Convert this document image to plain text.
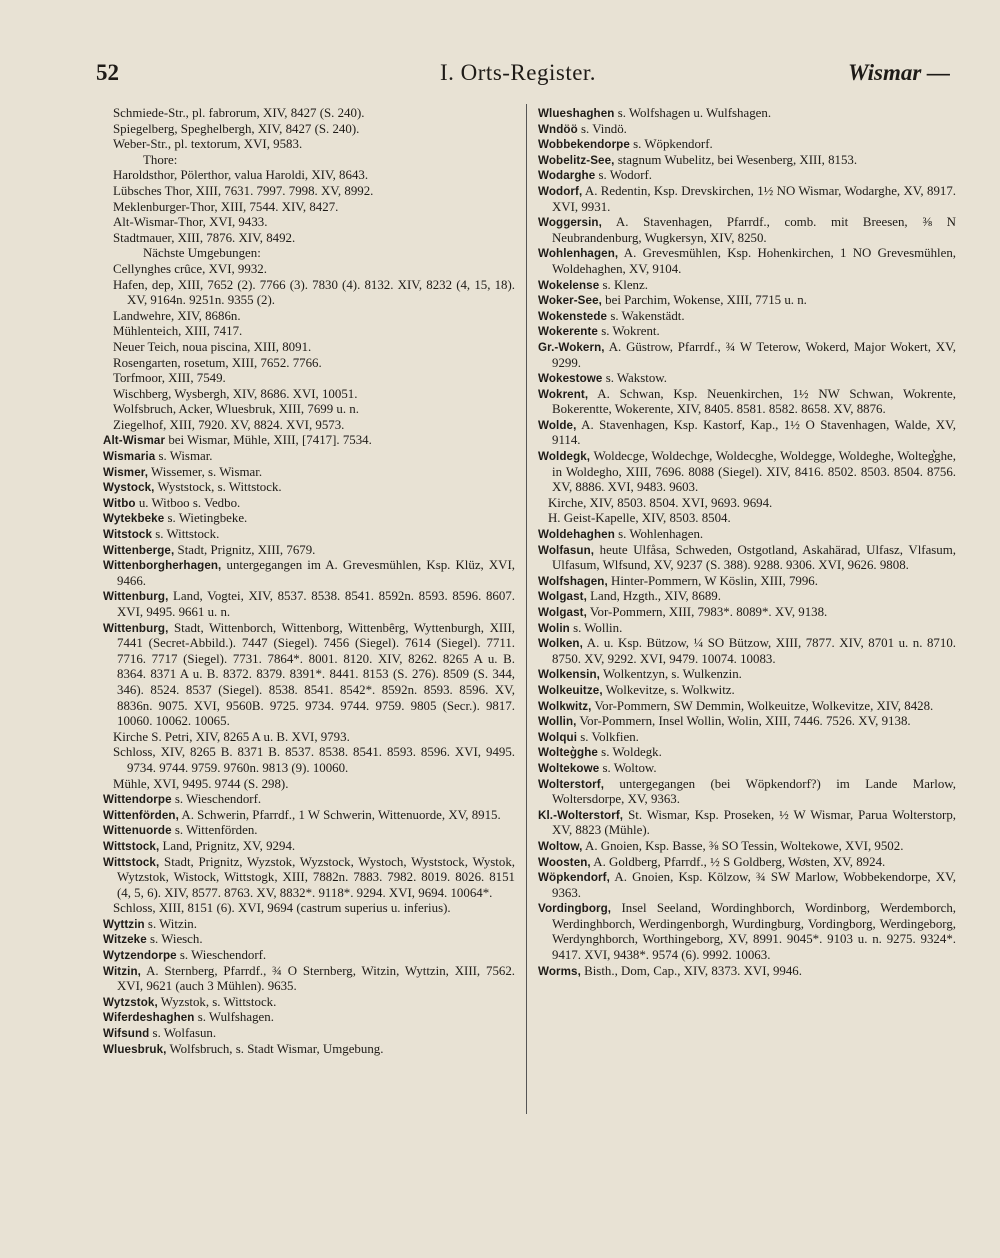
52	I. Orts-Register.	Wismar —

Schmiede-Str., pl. fabrorum, XIV, 8427 (S. 240).

Spiegelberg, Speghelbergh, XIV, 8427 (S. 240).

Weber-Str., pl. textorum, XVI, 9583.

Thore:

Haroldsthor, Pölerthor, valua Haroldi, XIV, 8643.

Lübsches Thor, XIII, 7631. 7997. 7998. XV, 8992.

Meklenburger-Thor, XIII, 7544. XIV, 8427.

Alt-Wismar-Thor, XVI, 9433.

Stadtmauer, XIII, 7876. XIV, 8492.

Nächste Umgebungen:

Cellynghes crûce, XVI, 9932.

Hafen, dep, XIII, 7652 (2). 7766 (3). 7830 (4). 8132. XIV, 8232 (4, 15, 18). XV, 9164n. 9251n. 9355 (2).

Landwehre, XIV, 8686n.

Mühlenteich, XIII, 7417.

Neuer Teich, noua piscina, XIII, 8091.

Rosengarten, rosetum, XIII, 7652. 7766.

Torfmoor, XIII, 7549.

Wischberg, Wysbergh, XIV, 8686. XVI, 10051.

Wolfsbruch, Acker, Wluesbruk, XIII, 7699 u. n.

Ziegelhof, XIII, 7920. XV, 8824. XVI, 9573.

Alt-Wismar bei Wismar, Mühle, XIII, [7417]. 7534.

Wismaria s. Wismar.

Wismer, Wissemer, s. Wismar.

Wystock, Wyststock, s. Wittstock.

Witbo u. Witboo s. Vedbo.

Wytekbeke s. Wietingbeke.

Witstock s. Wittstock.

Wittenberge, Stadt, Prignitz, XIII, 7679.

Wittenborgherhagen, untergegangen im A. Grevesmühlen, Ksp. Klüz, XVI, 9466.

Wittenburg, Land, Vogtei, XIV, 8537. 8538. 8541. 8592n. 8593. 8596. 8607. XVI, 9495. 9661 u. n.

Wittenburg, Stadt, Wittenborch, Wittenborg, Wittenbȇrg, Wyttenburgh, XIII, 7441 (Secret-Abbild.). 7447 (Siegel). 7456 (Siegel). 7614 (Siegel). 7711. 7716. 7717 (Siegel). 7731. 7864*. 8001. 8120. XIV, 8262. 8265 A u. B. 8364. 8371 A u. B. 8372. 8379. 8391*. 8441. 8153 (S. 276). 8509 (S. 344, 346). 8524. 8537 (Siegel). 8538. 8541. 8542*. 8592n. 8593. 8596. XV, 8836n. 9075. XVI, 9560B. 9725. 9734. 9744. 9759. 9805 (Secr.). 9817. 10060. 10062. 10065.

Kirche S. Petri, XIV, 8265 A u. B. XVI, 9793.

Schloss, XIV, 8265 B. 8371 B. 8537. 8538. 8541. 8593. 8596. XVI, 9495. 9734. 9744. 9759. 9760n. 9813 (9). 10060.

Mühle, XVI, 9495. 9744 (S. 298).

Wittendorpe s. Wieschendorf.

Wittenförden, A. Schwerin, Pfarrdf., 1 W Schwerin, Wittenuorde, XV, 8915.

Wittenuorde s. Wittenförden.

Wittstock, Land, Prignitz, XV, 9294.

Wittstock, Stadt, Prignitz, Wyzstok, Wyzstock, Wystoch, Wyststock, Wystok, Wytzstok, Wistock, Wittstogk, XIII, 7882n. 7883. 7982. 8019. 8026. 8151 (4, 5, 6). XIV, 8577. 8763. XV, 8832*. 9118*. 9294. XVI, 9694. 10064*.

Schloss, XIII, 8151 (6). XVI, 9694 (castrum superius u. inferius).

Wyttzin s. Witzin.

Witzeke s. Wiesch.

Wytzendorpe s. Wieschendorf.

Witzin, A. Sternberg, Pfarrdf., ¾ O Sternberg, Witzin, Wyttzin, XIII, 7562. XVI, 9621 (auch 3 Mühlen). 9635.

Wytzstok, Wyzstok, s. Wittstock.

Wiferdeshaghen s. Wulfshagen.

Wifsund s. Wolfasun.

Wluesbruk, Wolfsbruch, s. Stadt Wismar, Umgebung.

Wlueshaghen s. Wolfshagen u. Wulfshagen.

Wndöö s. Vindö.

Wobbekendorpe s. Wöpkendorf.

Wobelitz-See, stagnum Wubelitz, bei Wesenberg, XIII, 8153.

Wodarghe s. Wodorf.

Wodorf, A. Redentin, Ksp. Drevskirchen, 1½ NO Wismar, Wodarghe, XV, 8917. XVI, 9931.

Woggersin, A. Stavenhagen, Pfarrdf., comb. mit Breesen, ⅜ N Neubrandenburg, Wugkersyn, XIV, 8250.

Wohlenhagen, A. Grevesmühlen, Ksp. Hohenkirchen, 1 NO Grevesmühlen, Woldehaghen, XV, 9104.

Wokelense s. Klenz.

Woker-See, bei Parchim, Wokense, XIII, 7715 u. n.

Wokenstede s. Wakenstädt.

Wokerente s. Wokrent.

Gr.-Wokern, A. Güstrow, Pfarrdf., ¾ W Teterow, Wokerd, Major Wokert, XV, 9299.

Wokestowe s. Wakstow.

Wokrent, A. Schwan, Ksp. Neuenkirchen, 1½ NW Schwan, Wokrente, Bokerentte, Wokerente, XIV, 8405. 8581. 8582. 8658. XV, 8876.

Wolde, A. Stavenhagen, Ksp. Kastorf, Kap., 1½ O Stavenhagen, Walde, XV, 9114.

Woldegk, Woldecge, Woldechge, Woldecghe, Woldegge, Woldeghe, Wolteg͛ghe, in Woldegho, XIII, 7696. 8088 (Siegel). XIV, 8416. 8502. 8503. 8504. 8756. XV, 8886. XVI, 9483. 9603.

Kirche, XIV, 8503. 8504. XVI, 9693. 9694.

H. Geist-Kapelle, XIV, 8503. 8504.

Woldehaghen s. Wohlenhagen.

Wolfasun, heute Ulfåsa, Schweden, Ostgotland, Askahärad, Ulfasz, Vlfasum, Ulfasum, Wlfsund, XV, 9237 (S. 388). 9288. 9306. XVI, 9626. 9808.

Wolfshagen, Hinter-Pommern, W Köslin, XIII, 7996.

Wolgast, Land, Hzgth., XIV, 8689.

Wolgast, Vor-Pommern, XIII, 7983*. 8089*. XV, 9138.

Wolin s. Wollin.

Wolken, A. u. Ksp. Bützow, ¼ SO Bützow, XIII, 7877. XIV, 8701 u. n. 8710. 8750. XV, 9292. XVI, 9479. 10074. 10083.

Wolkensin, Wolkentzyn, s. Wulkenzin.

Wolkeuitze, Wolkevitze, s. Wolkwitz.

Wolkwitz, Vor-Pommern, SW Demmin, Wolkeuitze, Wolkevitze, XIV, 8428.

Wollin, Vor-Pommern, Insel Wollin, Wolin, XIII, 7446. 7526. XV, 9138.

Wolqui s. Volkfien.

Wolteg͛ghe s. Woldegk.

Woltekowe s. Woltow.

Wolterstorf, untergegangen (bei Wöpkendorf?) im Lande Marlow, Woltersdorpe, XV, 9363.

Kl.-Wolterstorf, St. Wismar, Ksp. Proseken, ½ W Wismar, Parua Wolterstorp, XV, 8823 (Mühle).

Woltow, A. Gnoien, Ksp. Basse, ⅜ SO Tessin, Woltekowe, XVI, 9502.

Woosten, A. Goldberg, Pfarrdf., ½ S Goldberg, Woͦsten, XV, 8924.

Wöpkendorf, A. Gnoien, Ksp. Kölzow, ¾ SW Marlow, Wobbekendorpe, XV, 9363.

Vordingborg, Insel Seeland, Wordinghborch, Wordinborg, Werdemborch, Werdinghborch, Werdingenborgh, Wurdingburg, Vordingborg, Werdingeborg, Werdynghborch, Worthingeborg, XV, 8991. 9045*. 9103 u. n. 9275. 9324*. 9417. XVI, 9438*. 9574 (6). 9992. 10063.

Worms, Bisth., Dom, Cap., XIV, 8373. XVI, 9946.
